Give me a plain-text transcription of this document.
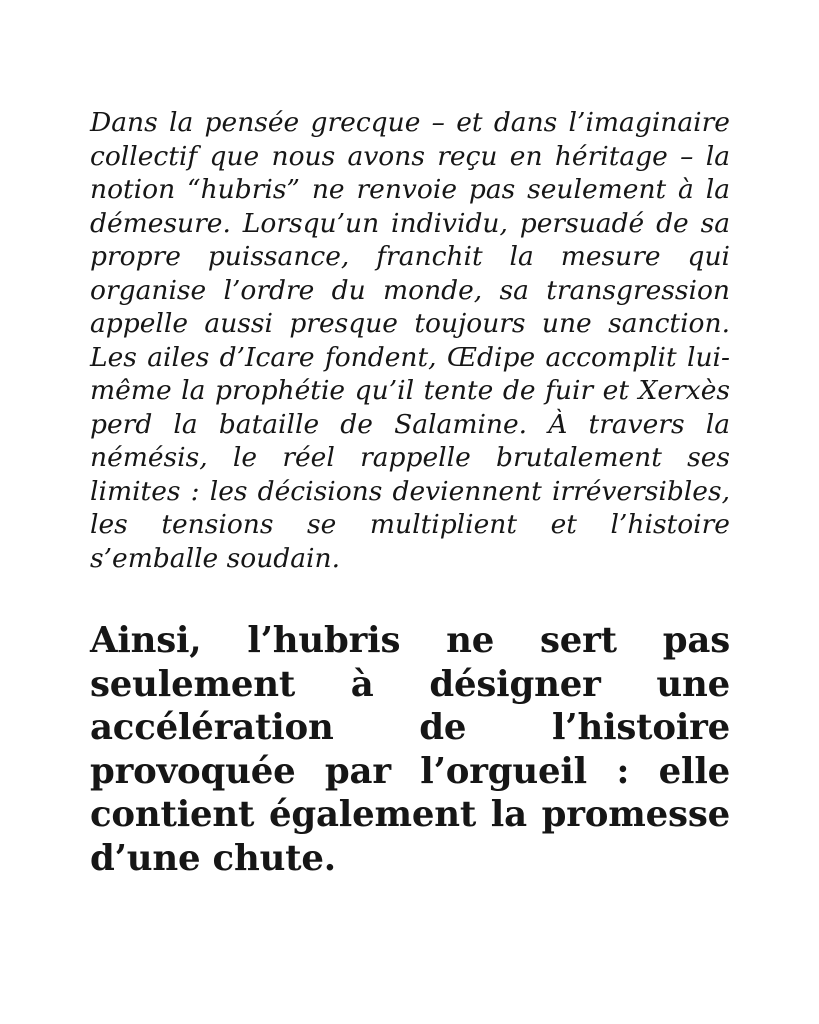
Dans la pensée grecque – et dans l’imaginaire collectif que nous avons reçu en héritage – la notion “hubris” ne renvoie pas seulement à la démesure. Lorsqu’un individu, persuadé de sa propre puissance, franchit la mesure qui organise l’ordre du monde, sa transgression appelle aussi presque toujours une sanction. Les ailes d’Icare fondent, Œdipe accomplit lui-même la prophétie qu’il tente de fuir et Xerxès perd la bataille de Salamine. À travers la némésis, le réel rappelle brutalement ses limites : les décisions deviennent irréversibles, les tensions se multiplient et l’histoire s’emballe soudain.

Ainsi, l’hubris ne sert pas seulement à désigner une accélération de l’histoire provoquée par l’orgueil : elle contient également la promesse d’une chute.
